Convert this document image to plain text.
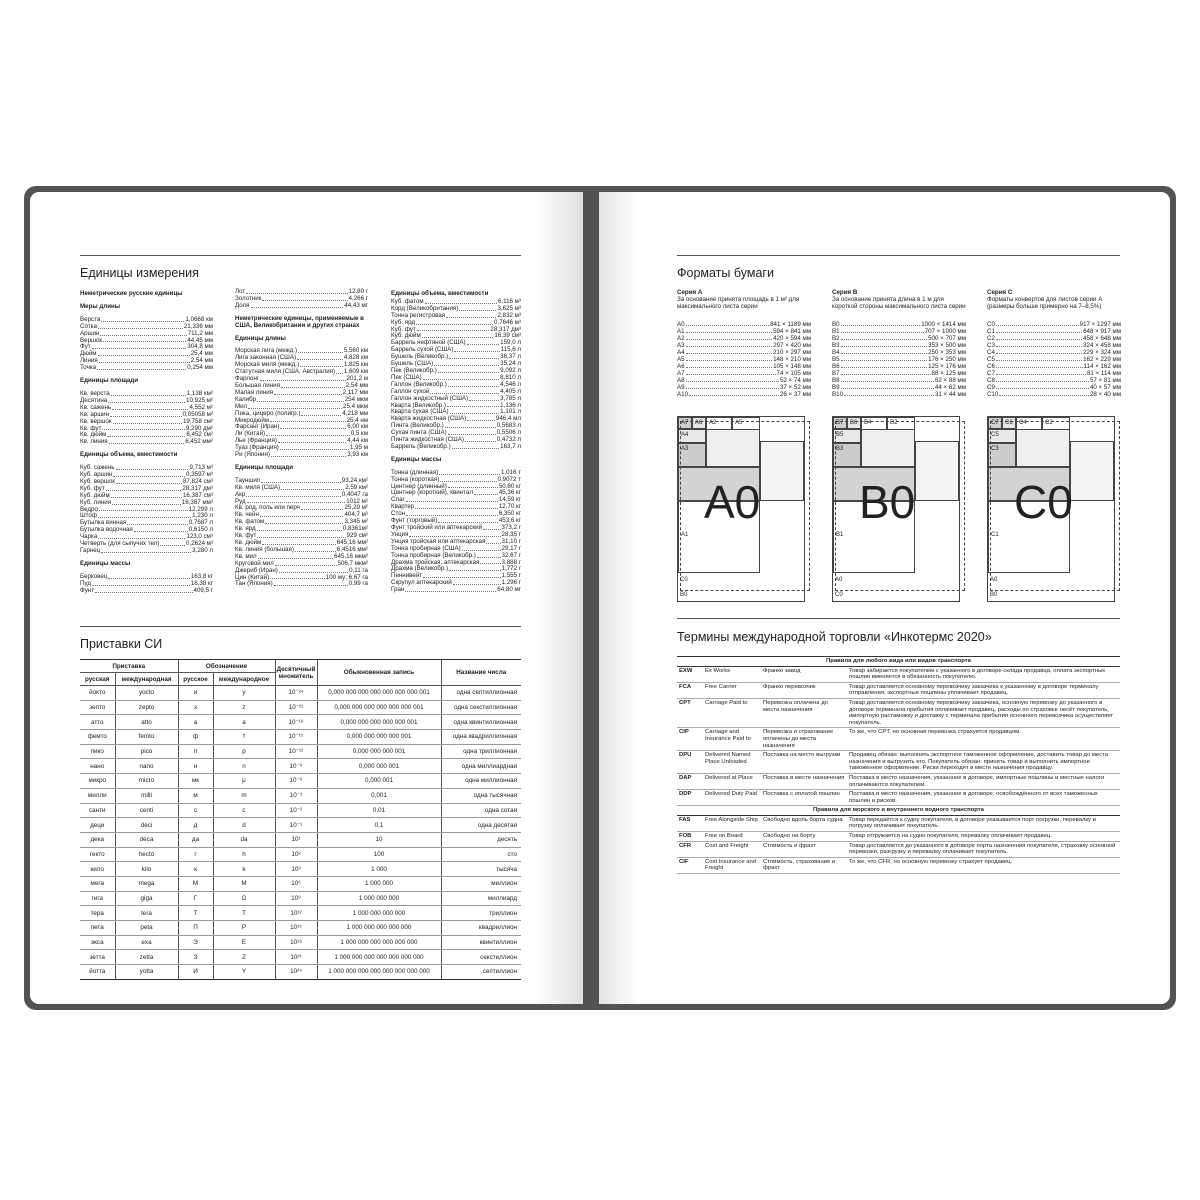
Единицы измерения
Неметрические русские единицы
Меры длины
Верста	1,0668 км
Сотка	21,336 мм
Аршин	711,2 мм
Вершок	44,45 мм
Фут	304,8 мм
Дюйм	25,4 мм
Линия	2,54 мм
Точка	0,254 мм
Единицы площади
Кв. верста	1,138 км²
Десятина	10,925 м²
Кв. сажень	4,552 м²
Кв. аршин	0,05058 м²
Кв. вершок	19,758 см²
Кв. фут	9,290 дм²
Кв. дюйм	6,452 см²
Кв. линия	6,452 мм²
Единицы объема, вместимости
Куб. сажень	9,713 м³
Куб. аршин	0,3597 м³
Куб. вершок	87,824 см³
Куб. фут	28,317 дм³
Куб. дюйм	16,387 см³
Куб. линия	16,387 мм³
Ведро	12,299 л
Штоф	1,230 л
Бутылка винная	0,7687 л
Бутылка водочная	0,6150 л
Чарка	123,0 см³
Четверть (для сыпучих тел)	0,2624 м³
Гарнец	3,280 л
Единицы массы
Берковец	163,8 кг
Пуд	16,38 кг
Фунт	409,5 г
Лот	12,80 г
Золотник	4,266 г
Доля	44,43 мг
Неметрические единицы, применяемые в США, Великобритании и других странах
Единицы длины
Морская лига (межд.)	5,560 км
Лига законная (США)	4,828 км
Морская миля (межд.)	1,825 км
Статутная миля (США, Австралия) 1,609 км
Фарлонг	201,2 м
Большая линия	2,54 мм
Малая линия	2,117 мм
Калибр	254 мкм
Мил	25,4 мкм
Пика, цицеро (полигр.)	4,218 мм
Микродюйм	25,4 нм
Фарсанг (Иран)	6,00 км
Ли (Китай)	0,5 км
Лье (Франция)	4,44 км
Туаз (Франция)	1,95 м
Ри (Япония)	3,93 км
Единицы площади
Тауншип	93,24 км²
Кв. миля (США)	2,59 км²
Акр	0,4047 га
Руд	1012 м²
Кв. род, поль или перч	25,29 м²
Кв. чейн	404,7 м²
Кв. фатом	3,345 м²
Кв. ярд	0,8361м²
Кв. фут	929 см²
Кв. дюйм	645,16 мм²
Кв. линия (большая)	6,4516 мм²
Кв. мил	645,16 мкм²
Круговой мил	506,7 мкм²
Джериб (Иран)	0,11 га
Цин (Китай)	100 му; 6,67 га
Тан (Япония)	0,99 га
Единицы объема, вместимости
Куб. фатом	6,116 м³
Корд (Великобритания)	3,625 м³
Тонна регистровая	2,832 м³
Куб. ярд	0,7646 м³
Куб. фут	28,317 дм³
Куб. дюйм	16,39 см³
Баррель нефтяной (США)	159,0 л
Баррель сухой (США)	115,6 л
Бушель (Великобр.)	36,37 л
Бушель (США)	35,24 л
Пек (Великобр.)	9,092 л
Пек (США)	8,810 л
Галлон (Великобр.)	4,546 л
Галлон сухой	4,405 л
Галлон жидкостный (США)	3,785 л
Кварта (Великобр.)	1,136 л
Кварта сухая (США)	1,101 л
Кварта жидкостная (США)	946,4 мл
Пинта (Великобр.)	0,5683 л
Сухая пинта (США)	0,5506 л
Пинта жидкостная (США)	0,4732 л
Баррель (Великобр.)	163,7 л
Единицы массы
Тонна (длинная)	1,016 т
Тонна (короткая)	0,9072 т
Центнер (длинный)	50,80 кг
Центнер (короткий), квинтал	45,36 кг
Слаг	14,59 кг
Квартер	12,70 кг
Стон	6,350 кг
Фунт (торговый)	453,6 кг
Фунт тройский или аптекарский	373,2 г
Унция	28,35 г
Унция тройская или аптекарская	31,10 г
Тонна пробирная (США)	29,17 г
Тонна пробирная (Великобр.)	32,67 г
Драхма тройская, аптекарская	3,888 г
Драхма (Великобр.)	1,772 г
Пеннивейт	1,555 г
Скрупул аптекарский	1,296 г
Гран	64,80 мг
Приставки СИ
Приставка		Обозначение		Десятичный множитель	Обыкновенная запись	Название числа
русская	международная	русское	международное			
йокто	yocto	и	y	10⁻²⁴	0,000 000 000 000 000 000 000 001	одна септиллионная
зепто	zepto	з	z	10⁻²¹	0,000 000 000 000 000 000 001	одна секстиллионная
атто	atto	а	a	10⁻¹⁸	0,000 000 000 000 000 001	одна квинтиллионная
фемто	femto	ф	f	10⁻¹⁵	0,000 000 000 000 001	одна квадриллионная
пико	pico	п	p	10⁻¹²	0,000 000 000 001	одна триллионная
нано	nano	н	n	10⁻⁹	0,000 000 001	одна миллиардная
микро	micro	мк	μ	10⁻⁶	0,000 001	одна миллионная
милли	milli	м	m	10⁻³	0,001	одна тысячная
санти	centi	с	c	10⁻²	0,01	одна сотая
деци	deci	д	d	10⁻¹	0,1	одна десятая
дека	deca	да	da	10¹	10	десять
гекто	hecto	г	h	10²	100	сто
кило	kilo	к	k	10³	1 000	тысяча
мега	mega	М	M	10⁶	1 000 000	миллион
гига	giga	Г	G	10⁹	1 000 000 000	миллиард
тера	tera	Т	T	10¹²	1 000 000 000 000	триллион
пета	peta	П	P	10¹⁵	1 000 000 000 000 000	квадриллион
экса	exa	Э	E	10¹⁸	1 000 000 000 000 000 000	квинтиллион
зетта	zetta	З	Z	10²¹	1 000 000 000 000 000 000 000	секстиллион
йотта	yotta	И	Y	10²⁴	1 000 000 000 000 000 000 000 000	септиллион
Форматы бумаги
Серия А
За основание принята площадь в 1 м² для максимального листа серии
A0	841 × 1189 мм
A1	594 × 841 мм
A2	420 × 594 мм
A3	297 × 420 мм
A4	210 × 297 мм
A5	148 × 210 мм
A6	105 × 148 мм
A7	74 × 105 мм
A8	52 × 74 мм
A9	37 × 52 мм
A10	26 × 37 мм
A7 A6 A2	A5
A4
A3
A1
A0
C0
B0
Серия В
За основание принята длина в 1 м для короткой стороны максимального листа серии
B0	1000 × 1414 мм
B1	707 × 1000 мм
B2	500 × 707 мм
B3	353 × 500 мм
B4	250 × 353 мм
B5	176 × 250 мм
B6	125 × 176 мм
B7	88 × 125 мм
B8	62 × 88 мм
B9	44 × 62 мм
B10	31 × 44 мм
B7 B6 B4	B2
B5
B3
B1
B0
A0
C0
Серия С
Форматы конвертов для листов серии А (размеры больше примерно на 7–8,5%)
C0	917 × 1297 мм
C1	648 × 917 мм
C2	458 × 648 мм
C3	324 × 458 мм
C4	229 × 324 мм
C5	162 × 229 мм
C6	114 × 162 мм
C7	81 × 114 мм
C8	57 × 81 мм
C9	40 × 57 мм
C10	28 × 40 мм
C7 C6 C4	C2
C5
C3
C1
C0
A0
B0
Термины международной торговли «Инкотермс 2020»
Правила для любого вида или видов транспорта			
EXW	Ex Works	Франко завод	Товар забирается покупателем с указанного в договоре склада продавца, оплата экспортных пошлин вменяется в обязанность покупателю.
FCA	Free Carrier	Франко перевозчик	Товар доставляется основному перевозчику заказчика к указанному в договоре терминалу отправления, экспортные пошлины уплачивает продавец.
CPT	Carriage Paid to	Перевозка оплачена до места назначения	Товар доставляется основному перевозчику заказчика, основную перевозку до указанного в договоре терминала прибытия оплачивает продавец, расходы по страховке несёт покупатель, импортную растаможку и доставку с терминала прибытия основного перевозчика осуществляет покупатель.
CIP	Carriage and Insurance Paid to	Перевозка и страхование оплачены до места назначения	То же, что CPT, но основная перевозка страхуется продавцом.
DPU	Delivered Named Place Unloaded	Поставка на место выгрузки	Продавец обязан: выполнить экспортное таможенное оформление, доставить товар до места назначения и выгрузить его. Покупатель обязан: принять товар и выполнить импортное таможенное оформление. Риски переходят в месте назначения продавцу.
DAP	Delivered at Place	Поставка в месте назначения	Поставка в место назначения, указанное в договоре, импортные пошлины и местные налоги оплачиваются покупателем.
DDP	Delivered Duty Paid	Поставка с оплатой пошлин	Поставка в место назначения, указанное в договоре, освобождённого от всех таможенных пошлин и рисков.
Правила для морского и внутреннего водного транспорта			
FAS	Free Alongside Ship	Свободно вдоль борта судна	Товар передаётся к судну покупателя, в договоре указывается порт погрузки, перевалку и погрузку оплачивает покупатель.
FOB	Free on Board	Свободно на борту	Товар отгружается на судно покупателя, перевалку оплачивает продавец.
CFR	Cost and Freight	Стоимость и фрахт	Товар доставляется до указанного в договоре порта назначения покупателя, страховку основной перевозки, разгрузку и перевалку оплачивает покупатель.
CIF	Cost Insurance and Freight	Стоимость, страхование и фрахт	То же, что CFR, но основную перевозку страхует продавец.
